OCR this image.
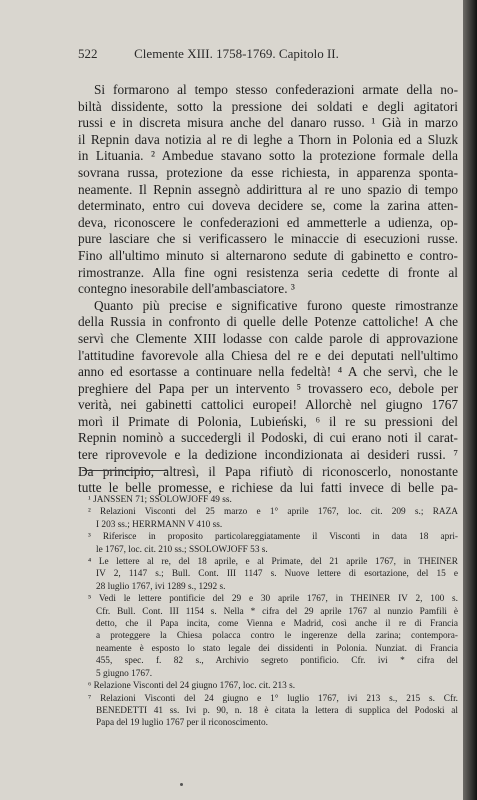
522	Clemente XIII. 1758-1769. Capitolo II.
Si formarono al tempo stesso confederazioni armate della no-
biltà dissidente, sotto la pressione dei soldati e degli agitatori
russi e in discreta misura anche del danaro russo. ¹ Già in marzo
il Repnin dava notizia al re di leghe a Thorn in Polonia ed a Sluzk
in Lituania. ² Ambedue stavano sotto la protezione formale della
sovrana russa, protezione da esse richiesta, in apparenza sponta-
neamente. Il Repnin assegnò addirittura al re uno spazio di tempo
determinato, entro cui doveva decidere se, come la zarina atten-
deva, riconoscere le confederazioni ed ammetterle a udienza, op-
pure lasciare che si verificassero le minaccie di esecuzioni russe.
Fino all'ultimo minuto si alternarono sedute di gabinetto e contro-
rimostranze. Alla fine ogni resistenza seria cedette di fronte al
contegno inesorabile dell'ambasciatore. ³
Quanto più precise e significative furono queste rimostranze
della Russia in confronto di quelle delle Potenze cattoliche! A che
servì che Clemente XIII lodasse con calde parole di approvazione
l'attitudine favorevole alla Chiesa del re e dei deputati nell'ultimo
anno ed esortasse a continuare nella fedeltà! ⁴ A che servì, che le
preghiere del Papa per un intervento ⁵ trovassero eco, debole per
verità, nei gabinetti cattolici europei! Allorchè nel giugno 1767
morì il Primate di Polonia, Lubieński, ⁶ il re su pressioni del
Repnin nominò a succedergli il Podoski, di cui erano noti il carat-
tere riprovevole e la dedizione incondizionata ai desideri russi. ⁷
Da principio, altresì, il Papa rifiutò di riconoscerlo, nonostante
tutte le belle promesse, e richiese da lui fatti invece di belle pa-
¹ JANSSEN 71; SSOLOWJOFF 49 ss.
² Relazioni Visconti del 25 marzo e 1° aprile 1767, loc. cit. 209 s.; RAZA
I 203 ss.; HERRMANN V 410 ss.
³ Riferisce in proposito particolareggiatamente il Visconti in data 18 apri-
le 1767, loc. cit. 210 ss.; SSOLOWJOFF 53 s.
⁴ Le lettere al re, del 18 aprile, e al Primate, del 21 aprile 1767, in THEINER
IV 2, 1147 s.; Bull. Cont. III 1147 s. Nuove lettere di esortazione, del 15 e
28 luglio 1767, ivi 1289 s., 1292 s.
⁵ Vedi le lettere pontificie del 29 e 30 aprile 1767, in THEINER IV 2, 100 s.
Cfr. Bull. Cont. III 1154 s. Nella * cifra del 29 aprile 1767 al nunzio Pamfili è
detto, che il Papa incita, come Vienna e Madrid, così anche il re di Francia
a proteggere la Chiesa polacca contro le ingerenze della zarina; contempora-
neamente è esposto lo stato legale dei dissidenti in Polonia. Nunziat. di Francia
455, spec. f. 82 s., Archivio segreto pontificio. Cfr. ivi * cifra del
5 giugno 1767.
⁶ Relazione Visconti del 24 giugno 1767, loc. cit. 213 s.
⁷ Relazioni Visconti del 24 giugno e 1° luglio 1767, ivi 213 s., 215 s. Cfr.
BENEDETTI 41 ss. Ivi p. 90, n. 18 è citata la lettera di supplica del Podoski al
Papa del 19 luglio 1767 per il riconoscimento.
